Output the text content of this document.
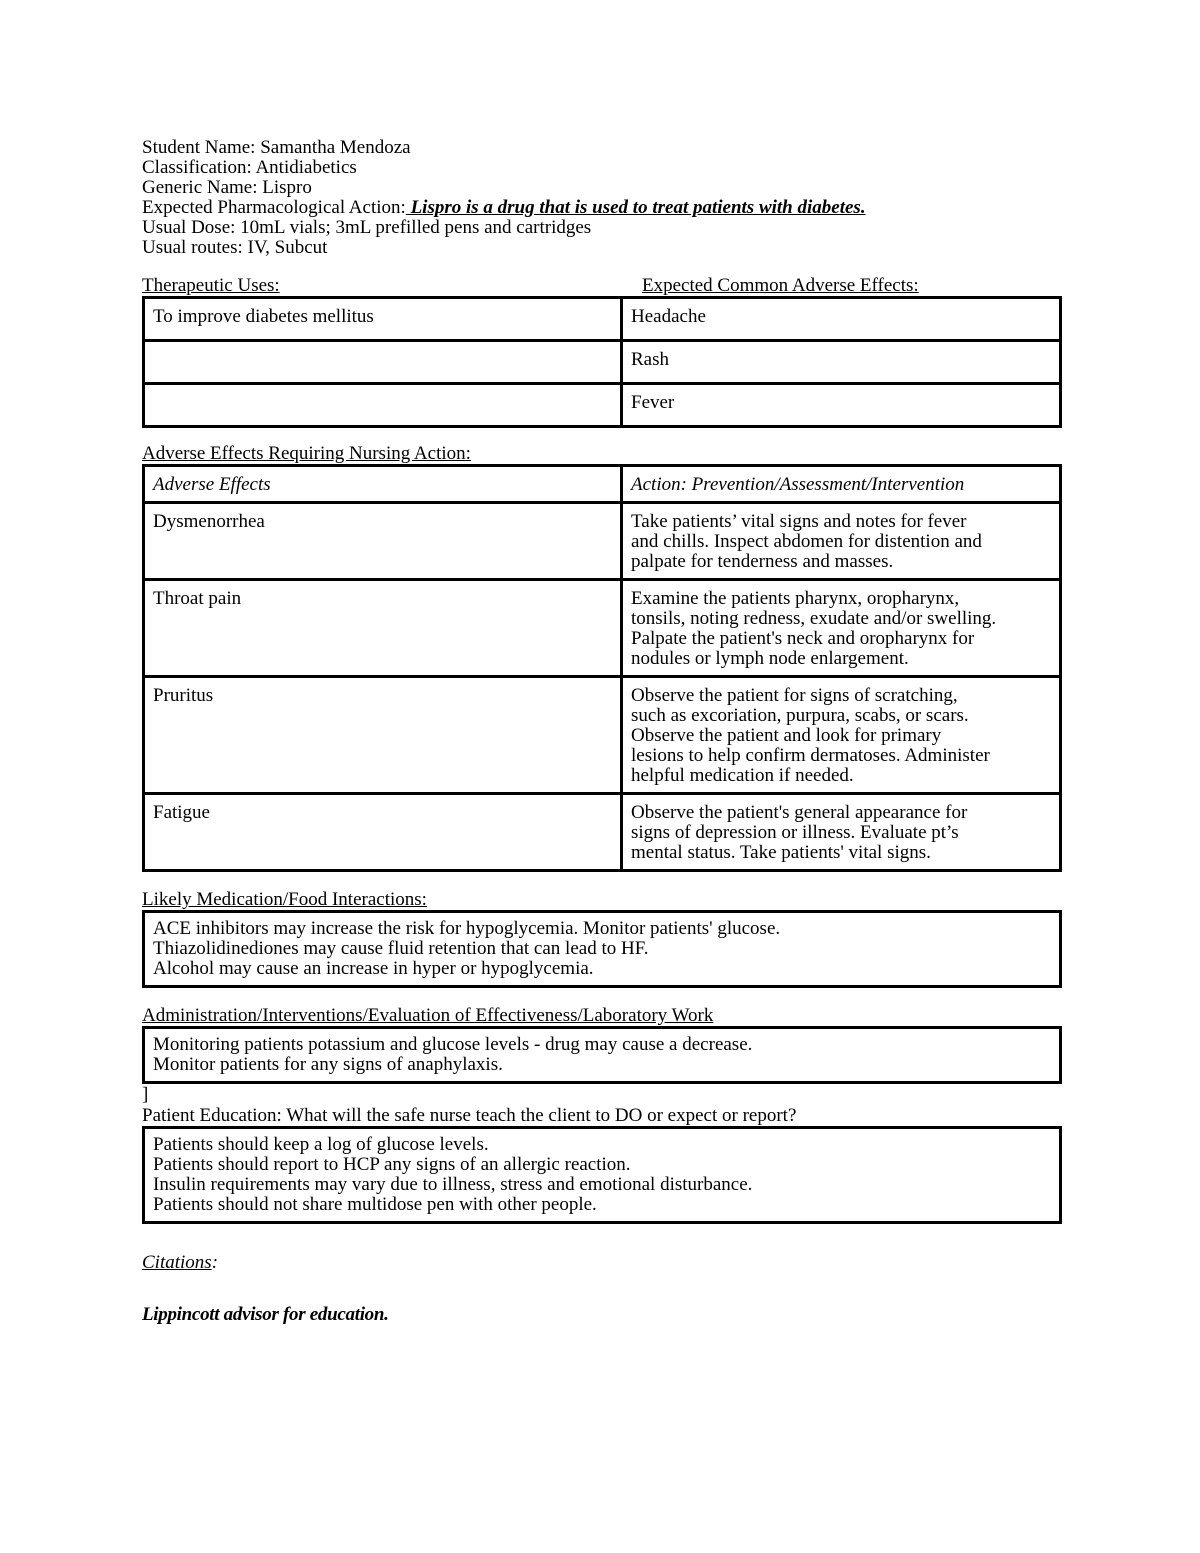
Student Name: Samantha Mendoza
Classification: Antidiabetics
Generic Name: Lispro
Expected Pharmacological Action: Lispro is a drug that is used to treat patients with diabetes.
Usual Dose: 10mL vials; 3mL prefilled pens and cartridges
Usual routes: IV, Subcut
Therapeutic Uses:	Expected Common Adverse Effects:
To improve diabetes mellitus	Headache
	Rash
	Fever
Adverse Effects Requiring Nursing Action:
Adverse Effects	Action: Prevention/Assessment/Intervention
Dysmenorrhea	Take patients’ vital signs and notes for fever
and chills. Inspect abdomen for distention and
palpate for tenderness and masses.

Throat pain	Examine the patients pharynx, oropharynx,
tonsils, noting redness, exudate and/or swelling.
Palpate the patient's neck and oropharynx for
nodules or lymph node enlargement.

Pruritus	Observe the patient for signs of scratching,
such as excoriation, purpura, scabs, or scars.
Observe the patient and look for primary
lesions to help confirm dermatoses. Administer
helpful medication if needed.

Fatigue	Observe the patient's general appearance for
signs of depression or illness. Evaluate pt’s
mental status. Take patients' vital signs.
Likely Medication/Food Interactions:
ACE inhibitors may increase the risk for hypoglycemia. Monitor patients' glucose.
Thiazolidinediones may cause fluid retention that can lead to HF.
Alcohol may cause an increase in hyper or hypoglycemia.
Administration/Interventions/Evaluation of Effectiveness/Laboratory Work
Monitoring patients potassium and glucose levels - drug may cause a decrease.
Monitor patients for any signs of anaphylaxis.
]
Patient Education: What will the safe nurse teach the client to DO or expect or report?
Patients should keep a log of glucose levels.
Patients should report to HCP any signs of an allergic reaction.
Insulin requirements may vary due to illness, stress and emotional disturbance.
Patients should not share multidose pen with other people.
Citations:
Lippincott advisor for education.
